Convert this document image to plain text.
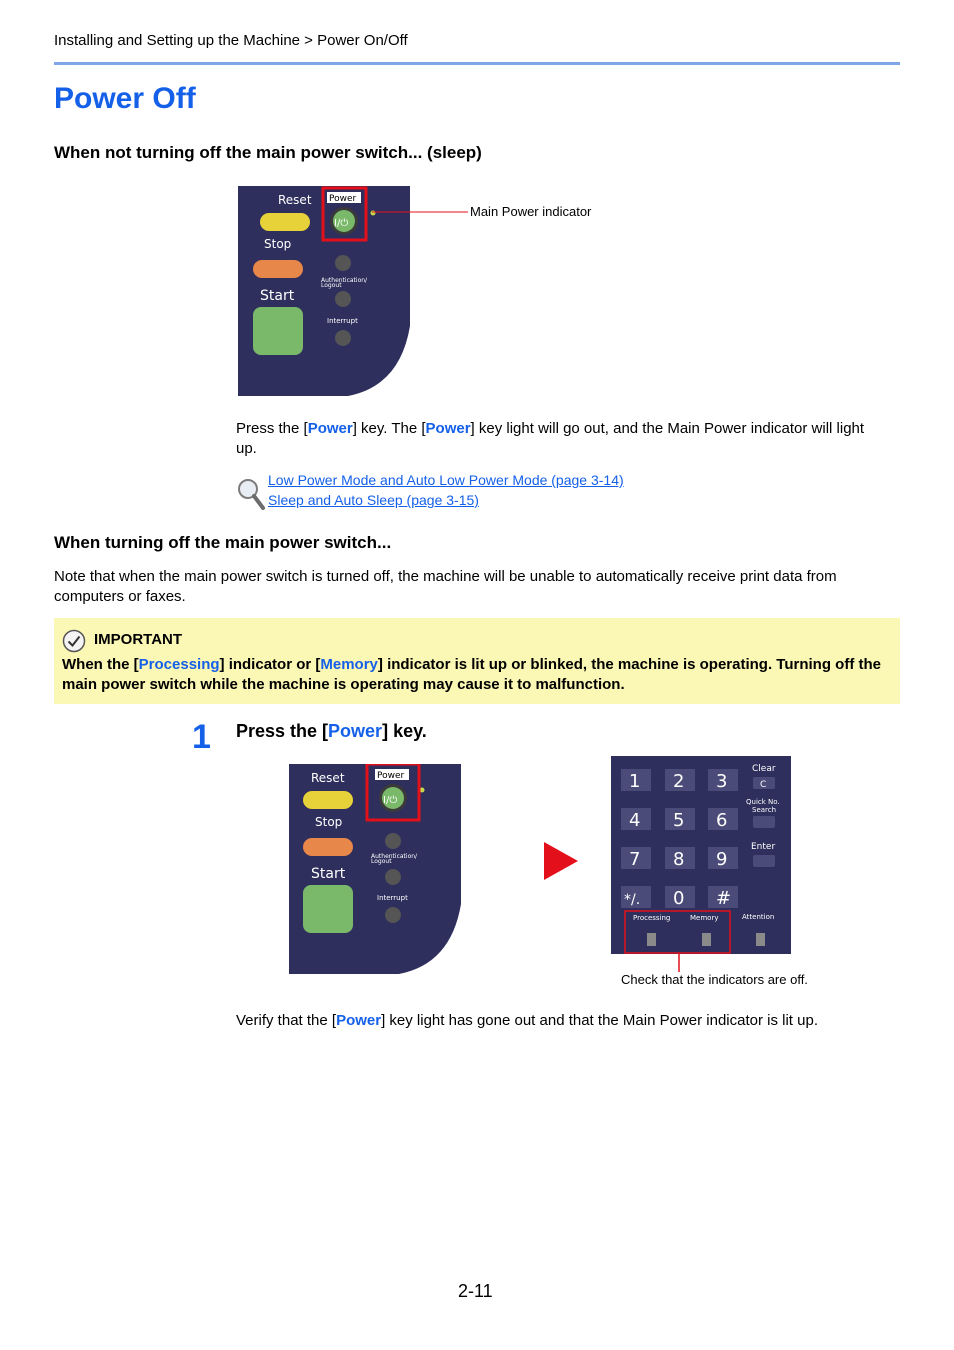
Installing and Setting up the Machine > Power On/Off
Power Off
When not turning off the main power switch... (sleep)
Reset
Stop
Start
Power
I/⏻
Authentication/
Logout
Interrupt
Main Power indicator
Press the [Power] key. The [Power] key light will go out, and the Main Power indicator will light up.
Low Power Mode and Auto Low Power Mode (page 3-14)
Sleep and Auto Sleep (page 3-15)
When turning off the main power switch...
Note that when the main power switch is turned off, the machine will be unable to automatically receive print data from computers or faxes.
IMPORTANT
When the [Processing] indicator or [Memory] indicator is lit up or blinked, the machine is operating. Turning off the main power switch while the machine is operating may cause it to malfunction.
1 Press the [Power] key.
Reset
Stop
Start
Power
I/⏻
Authentication/
Logout
Interrupt
1 2 3
4 5 6
7 8 9
*/. 0 #
Clear
C
Quick No.
Search
Enter
Processing	Memory	Attention
Check that the indicators are off.
Verify that the [Power] key light has gone out and that the Main Power indicator is lit up.
2-11
